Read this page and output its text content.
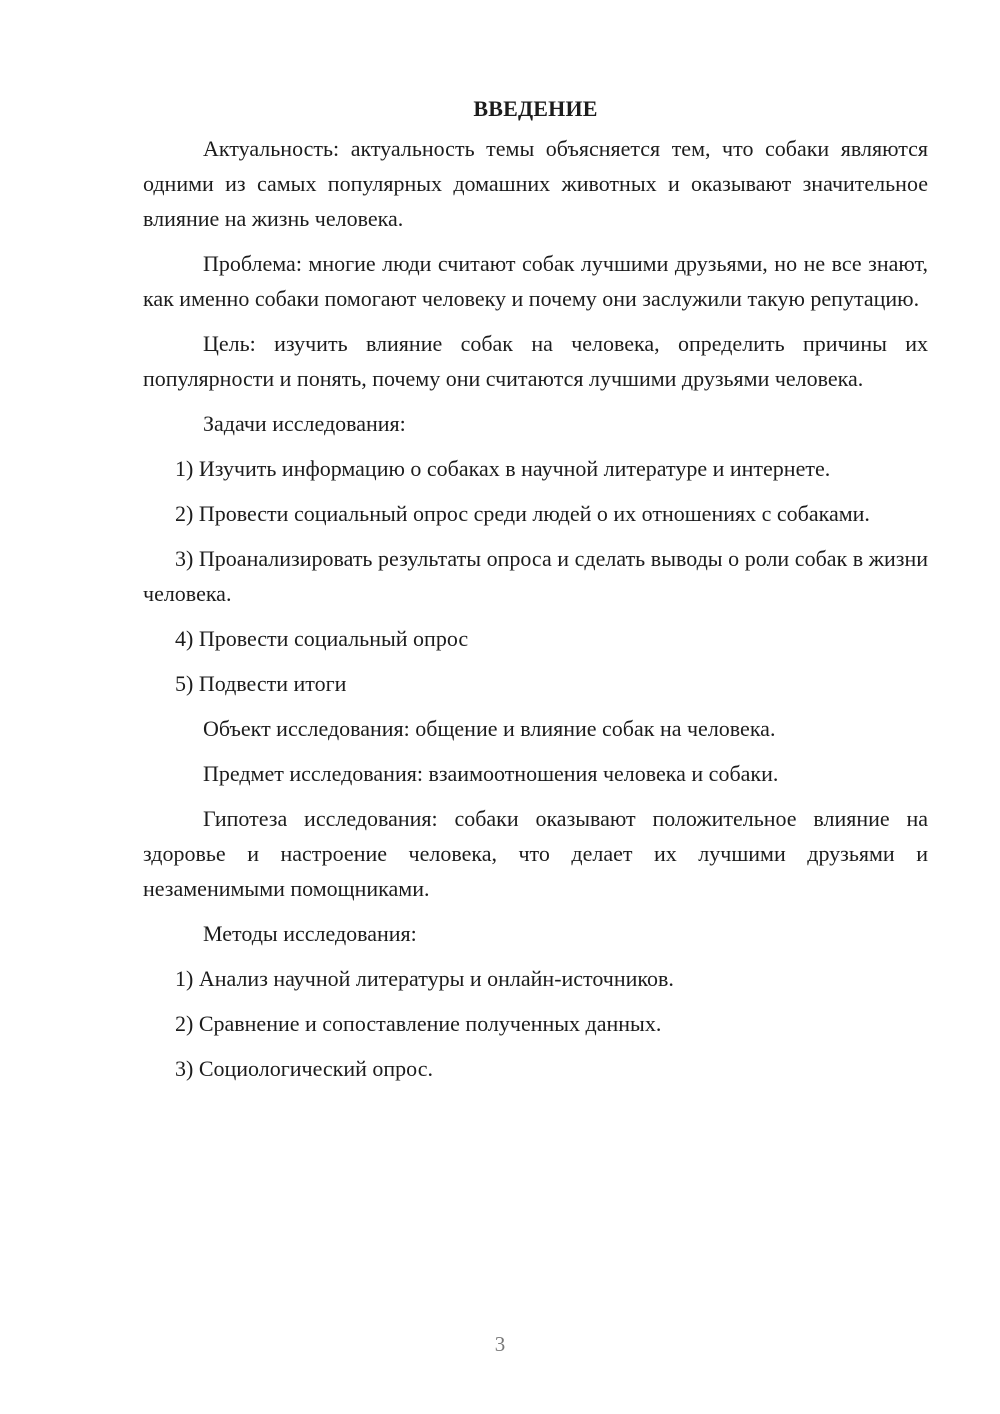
ВВЕДЕНИЕ

Актуальность: актуальность темы объясняется тем, что собаки являются одними из самых популярных домашних животных и оказывают значительное влияние на жизнь человека.

Проблема: многие люди считают собак лучшими друзьями, но не все знают, как именно собаки помогают человеку и почему они заслужили такую репутацию.

Цель: изучить влияние собак на человека, определить причины их популярности и понять, почему они считаются лучшими друзьями человека.

Задачи исследования:

1) Изучить информацию о собаках в научной литературе и интернете.

2) Провести социальный опрос среди людей о их отношениях с собаками.

3) Проанализировать результаты опроса и сделать выводы о роли собак в жизни человека.

4) Провести социальный опрос

5) Подвести итоги

Объект исследования: общение и влияние собак на человека.

Предмет исследования: взаимоотношения человека и собаки.

Гипотеза исследования: собаки оказывают положительное влияние на здоровье и настроение человека, что делает их лучшими друзьями и незаменимыми помощниками.

Методы исследования:

1) Анализ научной литературы и онлайн-источников.

2) Сравнение и сопоставление полученных данных.

3) Социологический опрос.

3
